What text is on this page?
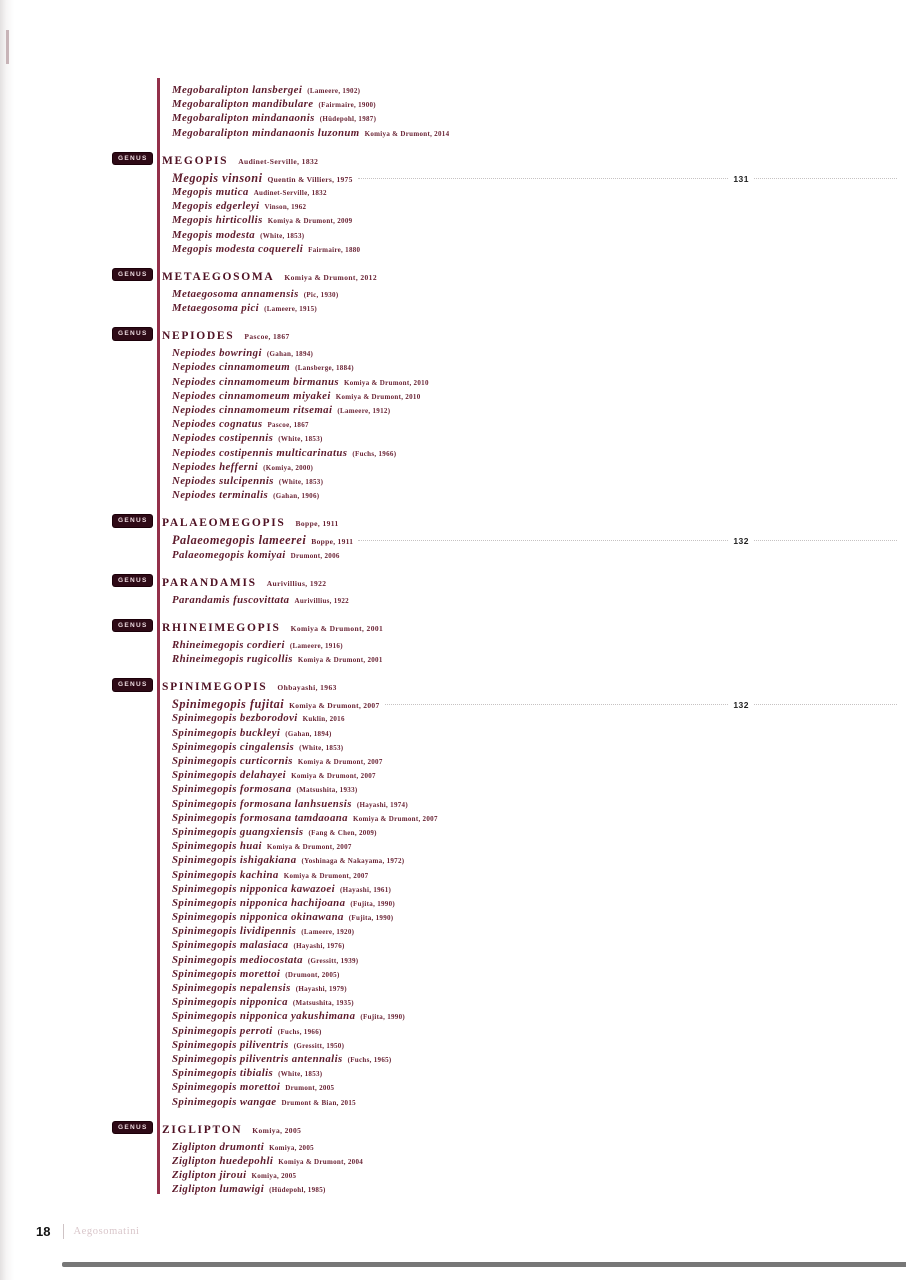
Megobaralipton lansbergei (Lameere, 1902)
Megobaralipton mandibulare (Fairmaire, 1900)
Megobaralipton mindanaonis (Hüdepohl, 1987)
Megobaralipton mindanaonis luzonum Komiya & Drumont, 2014
GENUS	MEGOPIS Audinet-Serville, 1832
Megopis vinsoni Quentin & Villiers, 1975	131
Megopis mutica Audinet-Serville, 1832
Megopis edgerleyi Vinson, 1962
Megopis hirticollis Komiya & Drumont, 2009
Megopis modesta (White, 1853)
Megopis modesta coquereli Fairmaire, 1880
GENUS	METAEGOSOMA Komiya & Drumont, 2012
Metaegosoma annamensis (Pic, 1930)
Metaegosoma pici (Lameere, 1915)
GENUS	NEPIODES Pascoe, 1867
Nepiodes bowringi (Gahan, 1894)
Nepiodes cinnamomeum (Lansberge, 1884)
Nepiodes cinnamomeum birmanus Komiya & Drumont, 2010
Nepiodes cinnamomeum miyakei Komiya & Drumont, 2010
Nepiodes cinnamomeum ritsemai (Lameere, 1912)
Nepiodes cognatus Pascoe, 1867
Nepiodes costipennis (White, 1853)
Nepiodes costipennis multicarinatus (Fuchs, 1966)
Nepiodes hefferni (Komiya, 2000)
Nepiodes sulcipennis (White, 1853)
Nepiodes terminalis (Gahan, 1906)
GENUS	PALAEOMEGOPIS Boppe, 1911
Palaeomegopis lameerei Boppe, 1911	132
Palaeomegopis komiyai Drumont, 2006
GENUS	PARANDAMIS Aurivillius, 1922
Parandamis fuscovittata Aurivillius, 1922
GENUS	RHINEIMEGOPIS Komiya & Drumont, 2001
Rhineimegopis cordieri (Lameere, 1916)
Rhineimegopis rugicollis Komiya & Drumont, 2001
GENUS	SPINIMEGOPIS Ohbayashi, 1963
Spinimegopis fujitai Komiya & Drumont, 2007	132
Spinimegopis bezborodovi Kuklin, 2016
Spinimegopis buckleyi (Gahan, 1894)
Spinimegopis cingalensis (White, 1853)
Spinimegopis curticornis Komiya & Drumont, 2007
Spinimegopis delahayei Komiya & Drumont, 2007
Spinimegopis formosana (Matsushita, 1933)
Spinimegopis formosana lanhsuensis (Hayashi, 1974)
Spinimegopis formosana tamdaoana Komiya & Drumont, 2007
Spinimegopis guangxiensis (Fang & Chen, 2009)
Spinimegopis huai Komiya & Drumont, 2007
Spinimegopis ishigakiana (Yoshinaga & Nakayama, 1972)
Spinimegopis kachina Komiya & Drumont, 2007
Spinimegopis nipponica kawazoei (Hayashi, 1961)
Spinimegopis nipponica hachijoana (Fujita, 1990)
Spinimegopis nipponica okinawana (Fujita, 1990)
Spinimegopis lividipennis (Lameere, 1920)
Spinimegopis malasiaca (Hayashi, 1976)
Spinimegopis mediocostata (Gressitt, 1939)
Spinimegopis morettoi (Drumont, 2005)
Spinimegopis nepalensis (Hayashi, 1979)
Spinimegopis nipponica (Matsushita, 1935)
Spinimegopis nipponica yakushimana (Fujita, 1990)
Spinimegopis perroti (Fuchs, 1966)
Spinimegopis piliventris (Gressitt, 1950)
Spinimegopis piliventris antennalis (Fuchs, 1965)
Spinimegopis tibialis (White, 1853)
Spinimegopis morettoi Drumont, 2005
Spinimegopis wangae Drumont & Bian, 2015
GENUS	ZIGLIPTON Komiya, 2005
Ziglipton drumonti Komiya, 2005
Ziglipton huedepohli Komiya & Drumont, 2004
Ziglipton jiroui Komiya, 2005
Ziglipton lumawigi (Hüdepohl, 1985)
18 Aegosomatini
